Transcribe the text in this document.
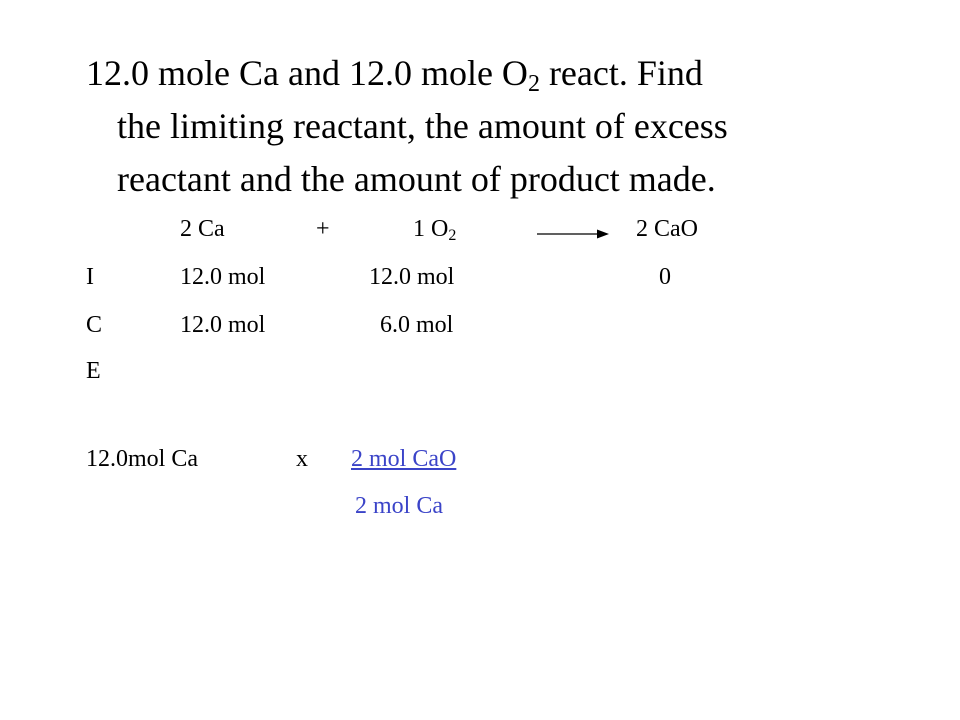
12.0 mole Ca and 12.0 mole $O_2$ react. Find
the limiting reactant, the amount of excess
reactant and the amount of product made.
2 Ca	+	1 $O_2$	2 CaO
I	12.0 mol	12.0 mol	0
C	12.0 mol	6.0 mol
E
12.0mol Ca	x 2 mol CaO
2 mol Ca
